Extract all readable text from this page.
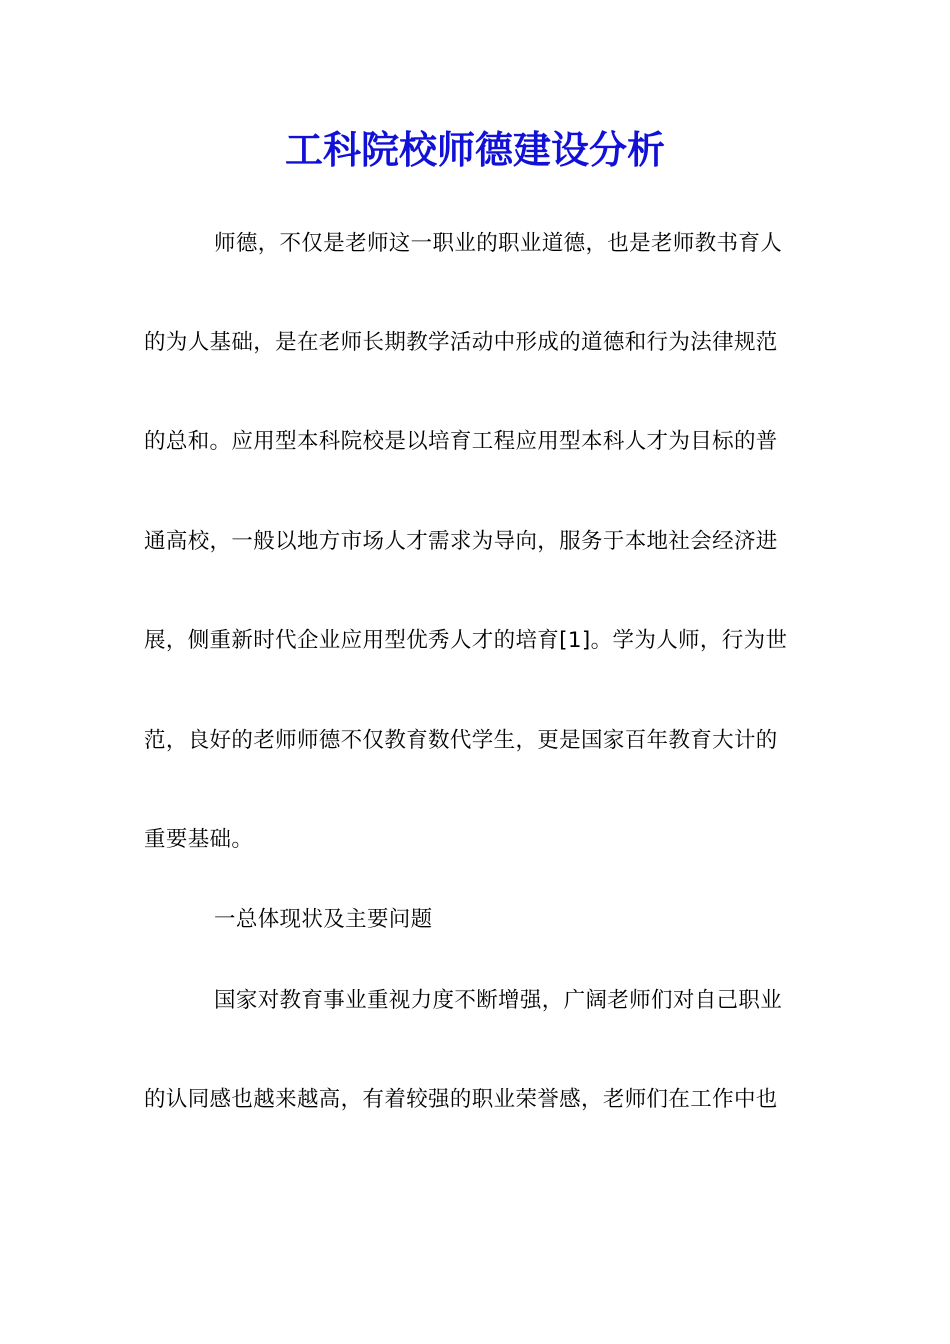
工科院校师德建设分析

师德，不仅是老师这一职业的职业道德，也是老师教书育人

的为人基础，是在老师长期教学活动中形成的道德和行为法律规范

的总和。应用型本科院校是以培育工程应用型本科人才为目标的普

通高校，一般以地方市场人才需求为导向，服务于本地社会经济进

展，侧重新时代企业应用型优秀人才的培育[1]。学为人师，行为世

范，良好的老师师德不仅教育数代学生，更是国家百年教育大计的

重要基础。

一总体现状及主要问题

国家对教育事业重视力度不断增强，广阔老师们对自己职业

的认同感也越来越高，有着较强的职业荣誉感，老师们在工作中也
